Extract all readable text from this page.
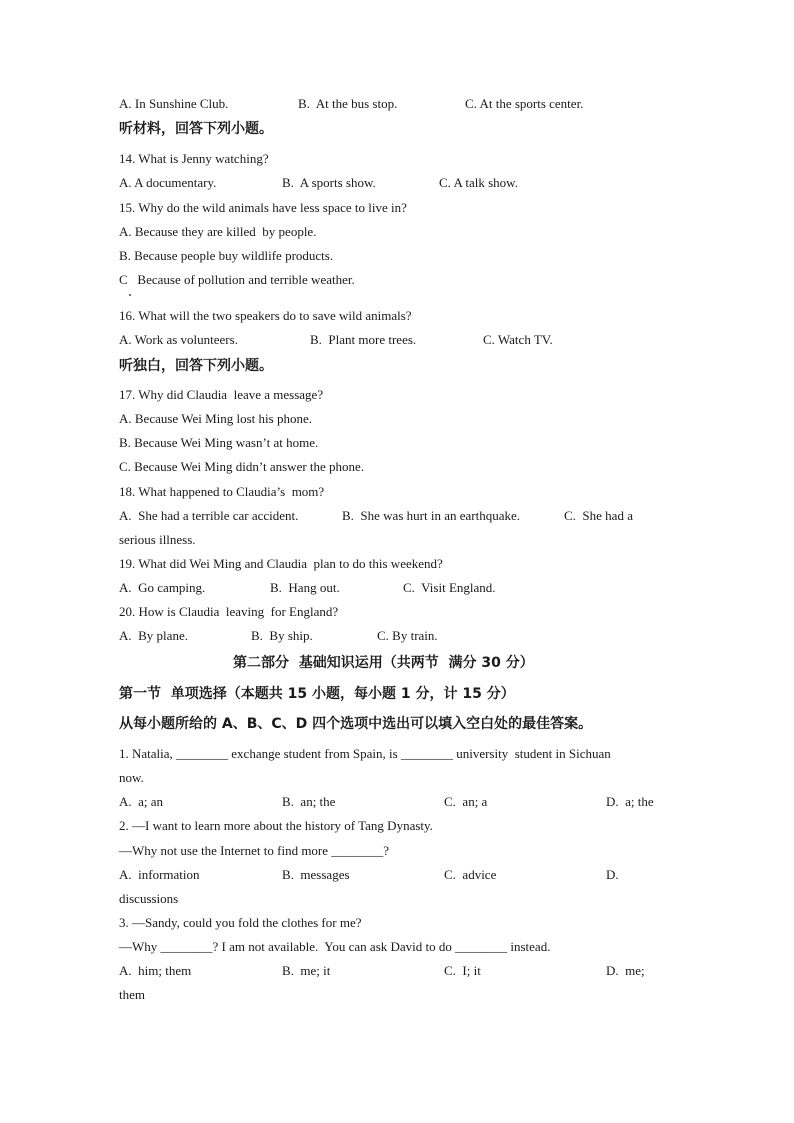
A. In Sunshine Club.	B.  At the bus stop.	C. At the sports center.
听材料，回答下列小题。
14. What is Jenny watching?
A. A documentary.	B.  A sports show.	C. A talk show.
15. Why do the wild animals have less space to live in?
A. Because they are killed  by people.
B. Because people buy wildlife products.
C   Because of pollution and terrible weather.
16. What will the two speakers do to save wild animals?
A. Work as volunteers.	B.  Plant more trees.	C. Watch TV.
听独白，回答下列小题。
17. Why did Claudia  leave a message?
A. Because Wei Ming lost his phone.
B. Because Wei Ming wasn’t at home.
C. Because Wei Ming didn’t answer the phone.
18. What happened to Claudia’s  mom?
A.  She had a terrible car accident.	B.  She was hurt in an earthquake.	C.  She had a
serious illness.
19. What did Wei Ming and Claudia  plan to do this weekend?
A.  Go camping.	B.  Hang out.	C.  Visit England.
20. How is Claudia  leaving  for England?
A.  By plane.	B.  By ship.	C. By train.
第二部分  基础知识运用（共两节  满分 30 分）
第一节  单项选择（本题共 15 小题，每小题 1 分，计 15 分）
从每小题所给的 A、B、C、D 四个选项中选出可以填入空白处的最佳答案。
1. Natalia, ________ exchange student from Spain, is ________ university  student in Sichuan
now.
A.  a; an	B.  an; the	C.  an; a	D.  a; the
2. —I want to learn more about the history of Tang Dynasty.
—Why not use the Internet to find more ________?
A.  information	B.  messages	C.  advice	D.
discussions
3. —Sandy, could you fold the clothes for me?
—Why ________? I am not available.  You can ask David to do ________ instead.
A.  him; them	B.  me; it	C.  I; it	D.  me;
them
